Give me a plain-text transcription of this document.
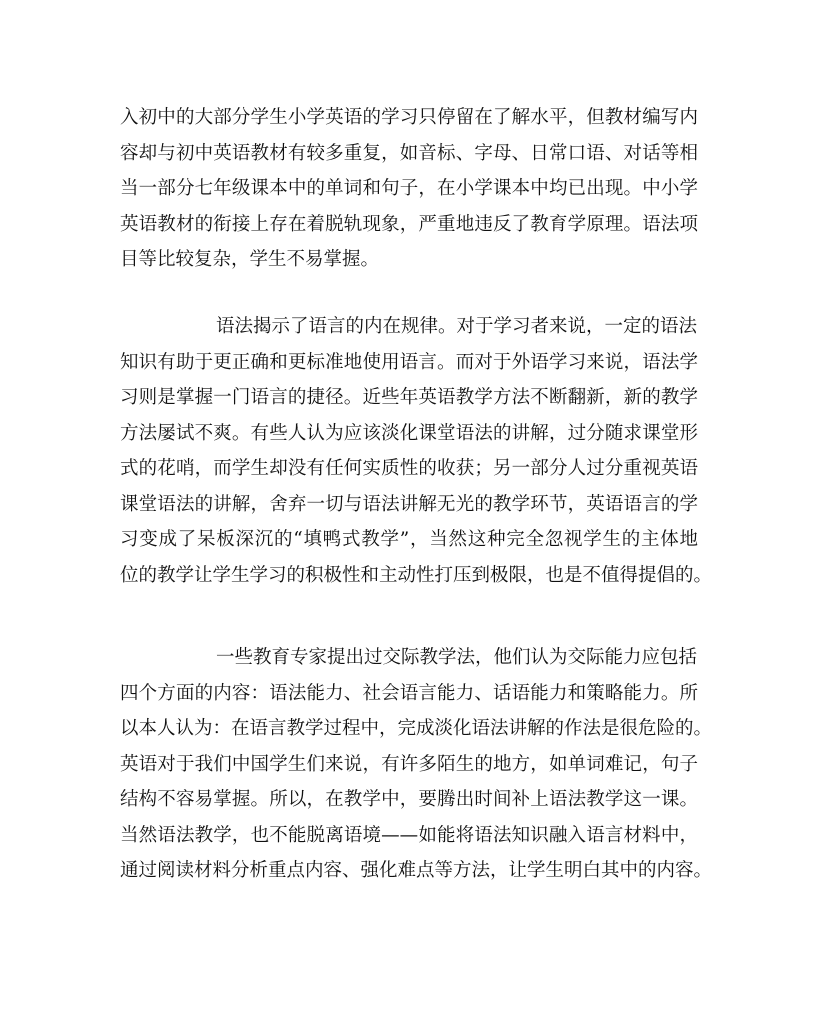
入初中的大部分学生小学英语的学习只停留在了解水平，但教材编写内
容却与初中英语教材有较多重复，如音标、字母、日常口语、对话等相
当一部分七年级课本中的单词和句子，在小学课本中均已出现。中小学
英语教材的衔接上存在着脱轨现象，严重地违反了教育学原理。语法项
目等比较复杂，学生不易掌握。
语法揭示了语言的内在规律。对于学习者来说，一定的语法
知识有助于更正确和更标准地使用语言。而对于外语学习来说，语法学
习则是掌握一门语言的捷径。近些年英语教学方法不断翻新，新的教学
方法屡试不爽。有些人认为应该淡化课堂语法的讲解，过分随求课堂形
式的花哨，而学生却没有任何实质性的收获；另一部分人过分重视英语
课堂语法的讲解，舍弃一切与语法讲解无光的教学环节，英语语言的学
习变成了呆板深沉的“填鸭式教学”，当然这种完全忽视学生的主体地
位的教学让学生学习的积极性和主动性打压到极限，也是不值得提倡的。
一些教育专家提出过交际教学法，他们认为交际能力应包括
四个方面的内容：语法能力、社会语言能力、话语能力和策略能力。所
以本人认为：在语言教学过程中，完成淡化语法讲解的作法是很危险的。
英语对于我们中国学生们来说，有许多陌生的地方，如单词难记，句子
结构不容易掌握。所以，在教学中，要腾出时间补上语法教学这一课。
当然语法教学，也不能脱离语境——如能将语法知识融入语言材料中，
通过阅读材料分析重点内容、强化难点等方法，让学生明白其中的内容。
